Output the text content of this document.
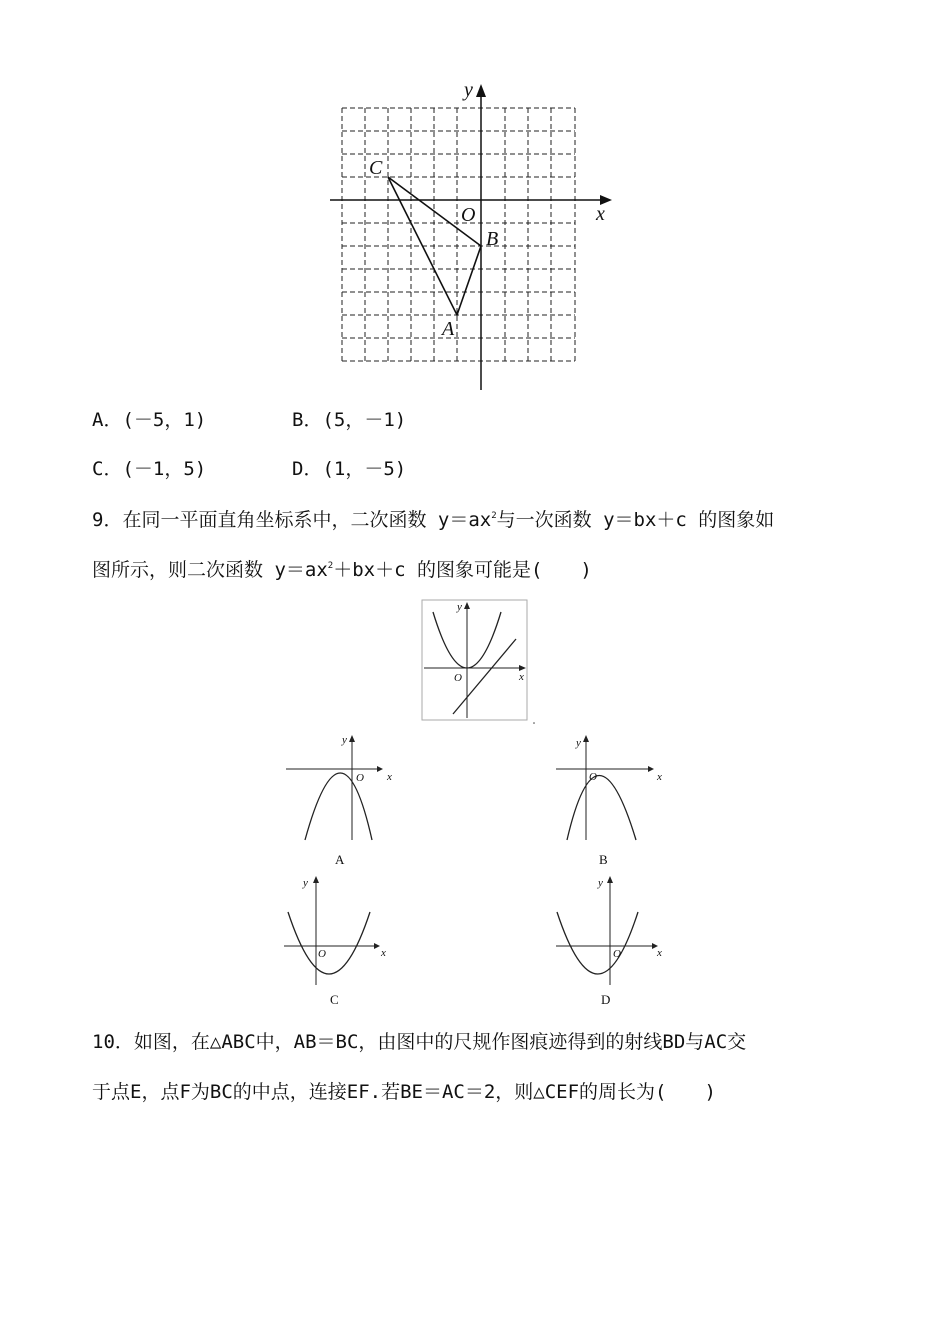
y
x
O
C
B
A
A．(－5，1)	B．(5，－1)
C．(－1，5)	D．(1，－5)
9．在同一平面直角坐标系中，二次函数 $y=ax^2$与一次函数 y＝bx＋c 的图象如
图所示，则二次函数 $y=ax^2+bx+c$ 的图象可能是(　　)
y
x
O
y
O x
A
y
O	x
B
y
O	x
C
y
O	x
D
10．如图，在△ABC中，AB＝BC，由图中的尺规作图痕迹得到的射线BD与AC交
于点E，点F为BC的中点，连接EF.若BE＝AC＝2，则△CEF的周长为(　　)
